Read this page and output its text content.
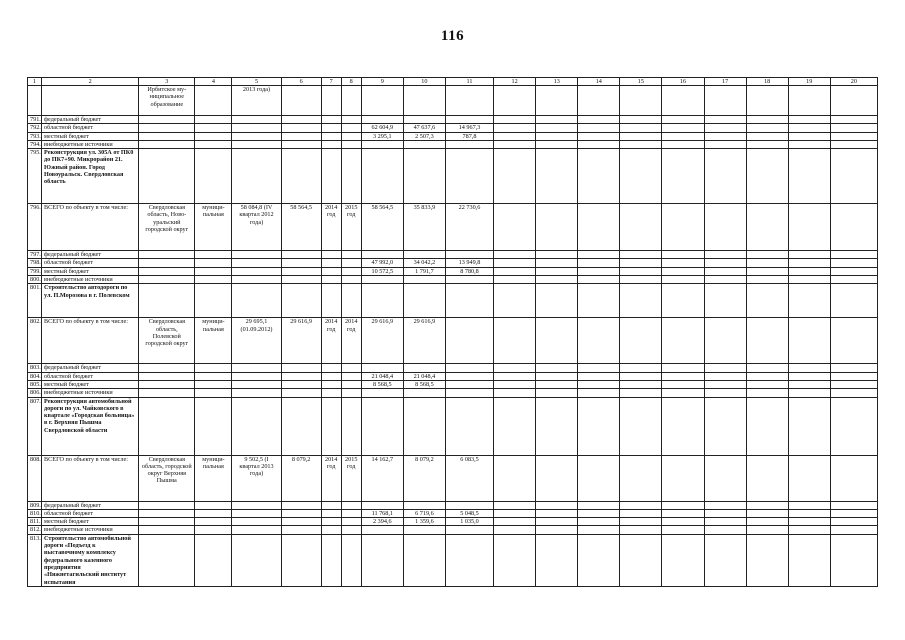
116
1	2	3	4	5	6	7	8	9	10	11	12	13	14	15	16	17	18	19	20
		Ирбитское му-ниципальное образование		2013 года)															
791.	федеральный бюджет																		
792.	областной бюджет							62 604,9	47 637,6	14 967,3									
793.	местный бюджет							3 295,1	2 507,3	787,8									
794.	внебюджетные источники																		
795.	Реконструкция ул. 305А от ПК0 до ПК7+90. Микрорайон 21. Южный район. Город Новоуральск. Свердловская область																		
796.	ВСЕГО по объекту в том числе:	Свердловская область, Ново-уральский городской округ	муници-пальная	58 084,8 (IV квартал 2012 года)	58 564,5	2014 год	2015 год	58 564,5	35 833,9	22 730,6									
797.	федеральный бюджет																		
798.	областной бюджет							47 992,0	34 042,2	13 949,8									
799.	местный бюджет							10 572,5	1 791,7	8 780,8									
800.	внебюджетные источники																		
801.	Строительство автодороги по ул. П.Морозова в г. Полевском																		
802.	ВСЕГО по объекту в том числе:	Свердловская область, Полевской городской округ	муници-пальная	29 695,1 (01.09.2012)	29 616,9	2014 год	2014 год	29 616,9	29 616,9										
803.	федеральный бюджет																		
804.	областной бюджет							21 048,4	21 048,4										
805.	местный бюджет							8 568,5	8 568,5										
806.	внебюджетные источники																		
807.	Реконструкция автомобильной дороги по ул. Чайковского в квартале «Городская больница» в г. Верхняя Пышма Свердловской области																		
808.	ВСЕГО по объекту в том числе:	Свердловская область, городской округ Верхняя Пышма	муници-пальная	9 502,5 (I квартал 2013 года)	8 079,2	2014 год	2015 год	14 162,7	8 079,2	6 083,5									
809.	федеральный бюджет																		
810.	областной бюджет							11 768,1	6 719,6	5 048,5									
811.	местный бюджет							2 394,6	1 359,6	1 035,0									
812.	внебюджетные источники																		
813.	Строительство автомобильной дороги «Подъезд к выставочному комплексу федерального казенного предприятия «Нижнетагильский институт испытания																		
